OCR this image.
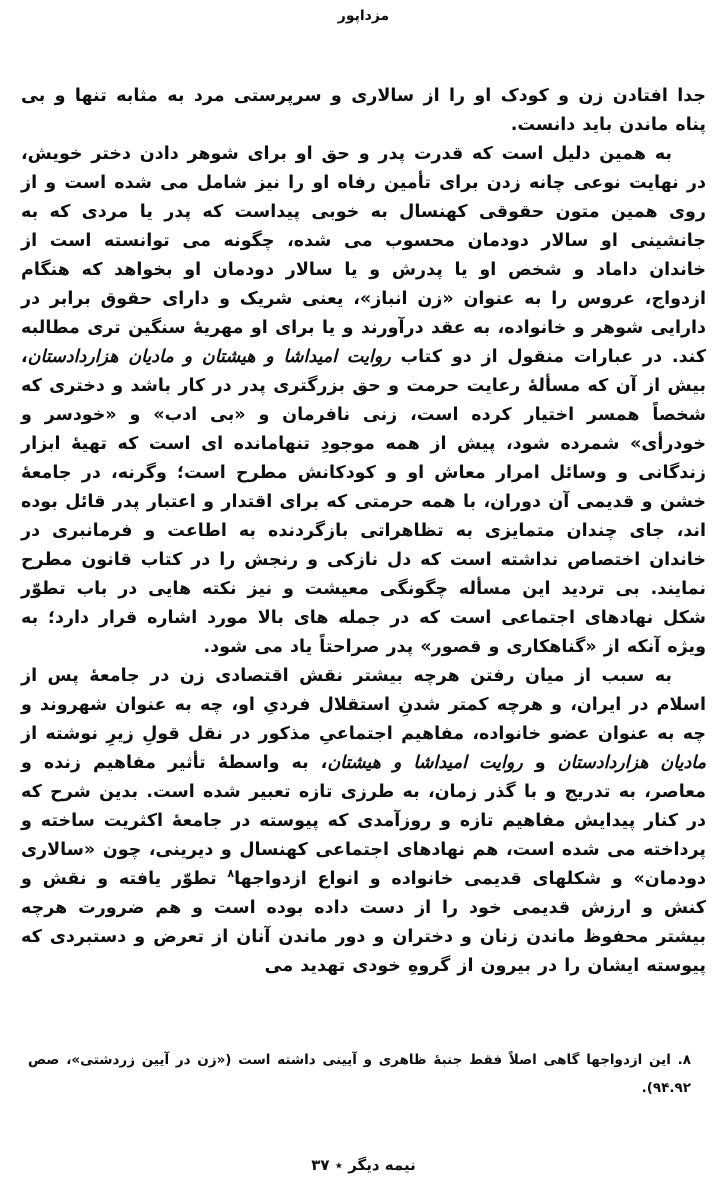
مزداپور

جدا افتادن زن و کودک او را از سالاری و سرپرستی مرد به مثابه تنها و بی پناه ماندن باید دانست.

به همین دلیل است که قدرت پدر و حق او برای شوهر دادن دختر خویش، در نهایت نوعی چانه زدن برای تأمین رفاه او را نیز شامل می شده است و از روی همین متون حقوقی کهنسال به خوبی پیداست که پدر یا مردی که به جانشینی او سالار دودمان محسوب می شده، چگونه می توانسته است از خاندان داماد و شخص او یا پدرش و یا سالار دودمان او بخواهد که هنگام ازدواج، عروس را به عنوان «زن انباز»، یعنی شریک و دارای حقوق برابر در دارایی شوهر و خانواده، به عقد درآورند و یا برای او مهریهٔ سنگین تری مطالبه کند. در عبارات منقول از دو کتاب روایت امیداشا و هیشتان و مادیان هزاردادستان، بیش از آن که مسألهٔ رعایت حرمت و حق بزرگتری پدر در کار باشد و دختری که شخصاً همسر اختیار کرده است، زنی نافرمان و «بی ادب» و «خودسر و خودرأی» شمرده شود، پیش از همه موجودِ تنهامانده ای است که تهیهٔ ابزار زندگانی و وسائل امرار معاش او و کودکانش مطرح است؛ وگرنه، در جامعهٔ خشن و قدیمی آن دوران، با همه حرمتی که برای اقتدار و اعتبار پدر قائل بوده اند، جای چندان متمایزی به تظاهراتی بازگردنده به اطاعت و فرمانبری در خاندان اختصاص نداشته است که دل نازکی و رنجش را در کتاب قانون مطرح نمایند. بی تردید این مسأله چگونگی معیشت و نیز نکته هایی در باب تطوّر شکل نهادهای اجتماعی است که در جمله های بالا مورد اشاره قرار دارد؛ به ویژه آنکه از «گناهکاری و قصور» پدر صراحتاً یاد می شود.

به سبب از میان رفتن هرچه بیشتر نقش اقتصادی زن در جامعهٔ پس از اسلام در ایران، و هرچه کمتر شدنِ استقلال فردیِ او، چه به عنوان شهروند و چه به عنوان عضو خانواده، مفاهیم اجتماعیِ مذکور در نقل قولِ زیرِ نوشته از مادیان هزاردادستان و روایت امیداشا و هیشتان، به واسطهٔ تأثیر مفاهیم زنده و معاصر، به تدریج و با گذر زمان، به طرزی تازه تعبیر شده است. بدین شرح که در کنار پیدایش مفاهیم تازه و روزآمدی که پیوسته در جامعهٔ اکثریت ساخته و پرداخته می شده است، هم نهادهای اجتماعی کهنسال و دیرینی، چون «سالاری دودمان» و شکلهای قدیمی خانواده و انواع ازدواجها$^۸$ تطوّر یافته و نقش و کنش و ارزش قدیمی خود را از دست داده بوده است و هم ضرورت هرچه بیشتر محفوظ ماندن زنان و دختران و دور ماندن آنان از تعرض و دستبردی که پیوسته ایشان را در بیرون از گروهِ خودی تهدید می

۸. این ازدواجها گاهی اصلاً فقط جنبهٔ ظاهری و آیینی داشته است («زن در آیین زردشتی»، صص ۹۴.۹۲).
نیمه دیگر ٭ ۳۷
